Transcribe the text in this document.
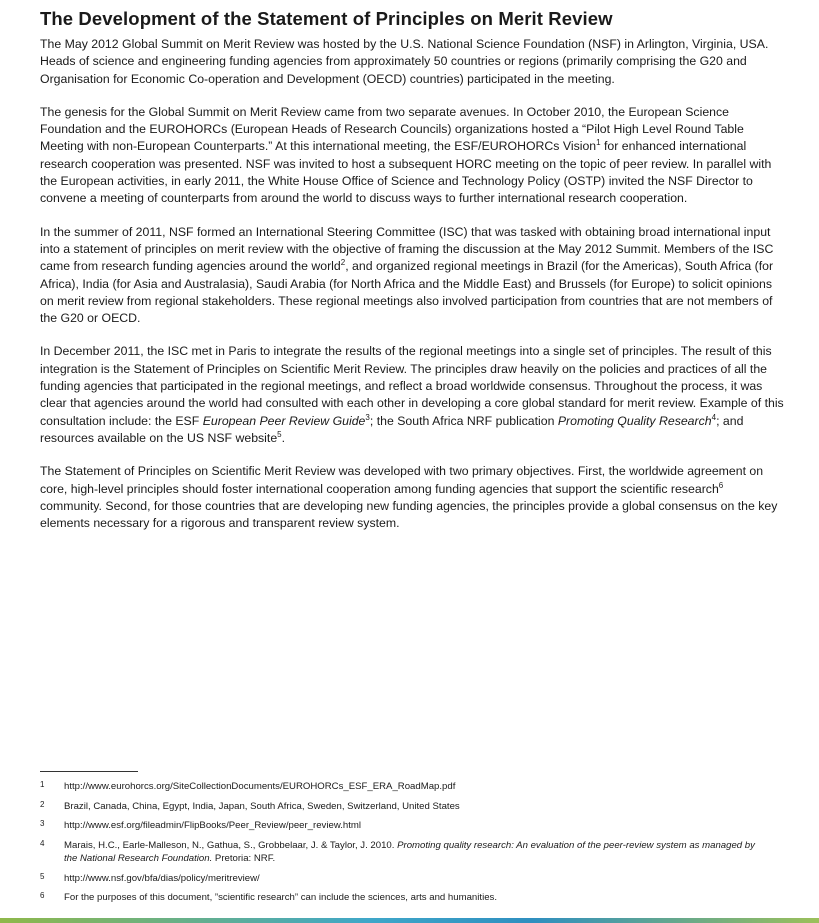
The Development of the Statement of Principles on Merit Review

The May 2012 Global Summit on Merit Review was hosted by the U.S. National Science Foundation (NSF) in Arlington, Virginia, USA. Heads of science and engineering funding agencies from approximately 50 countries or regions (primarily comprising the G20 and Organisation for Economic Co-operation and Development (OECD) countries) participated in the meeting.

The genesis for the Global Summit on Merit Review came from two separate avenues. In October 2010, the European Science Foundation and the EUROHORCs (European Heads of Research Councils) organizations hosted a “Pilot High Level Round Table Meeting with non-European Counterparts.” At this international meeting, the ESF/EUROHORCs Vision$^1$ for enhanced international research cooperation was presented. NSF was invited to host a subsequent HORC meeting on the topic of peer review. In parallel with the European activities, in early 2011, the White House Office of Science and Technology Policy (OSTP) invited the NSF Director to convene a meeting of counterparts from around the world to discuss ways to further international research cooperation.

In the summer of 2011, NSF formed an International Steering Committee (ISC) that was tasked with obtaining broad international input into a statement of principles on merit review with the objective of framing the discussion at the May 2012 Summit. Members of the ISC came from research funding agencies around the world$^2$, and organized regional meetings in Brazil (for the Americas), South Africa (for Africa), India (for Asia and Australasia), Saudi Arabia (for North Africa and the Middle East) and Brussels (for Europe) to solicit opinions on merit review from regional stakeholders. These regional meetings also involved participation from countries that are not members of the G20 or OECD.

In December 2011, the ISC met in Paris to integrate the results of the regional meetings into a single set of principles. The result of this integration is the Statement of Principles on Scientific Merit Review. The principles draw heavily on the policies and practices of all the funding agencies that participated in the regional meetings, and reflect a broad worldwide consensus. Throughout the process, it was clear that agencies around the world had consulted with each other in developing a core global standard for merit review. Example of this consultation include: the ESF European Peer Review Guide$^3$; the South Africa NRF publication Promoting Quality Research$^4$; and resources available on the US NSF website$^5$.

The Statement of Principles on Scientific Merit Review was developed with two primary objectives. First, the worldwide agreement on core, high-level principles should foster international cooperation among funding agencies that support the scientific research$^6$ community. Second, for those countries that are developing new funding agencies, the principles provide a global consensus on the key elements necessary for a rigorous and transparent review system.

1	http://www.eurohorcs.org/SiteCollectionDocuments/EUROHORCs_ESF_ERA_RoadMap.pdf
2	Brazil, Canada, China, Egypt, India, Japan, South Africa, Sweden, Switzerland, United States
3	http://www.esf.org/fileadmin/FlipBooks/Peer_Review/peer_review.html
4	Marais, H.C., Earle-Malleson, N., Gathua, S., Grobbelaar, J. & Taylor, J. 2010. Promoting quality research: An evaluation of the peer-review system as managed by the National Research Foundation. Pretoria: NRF.
5	http://www.nsf.gov/bfa/dias/policy/meritreview/
6	For the purposes of this document, ”scientific research” can include the sciences, arts and humanities.
